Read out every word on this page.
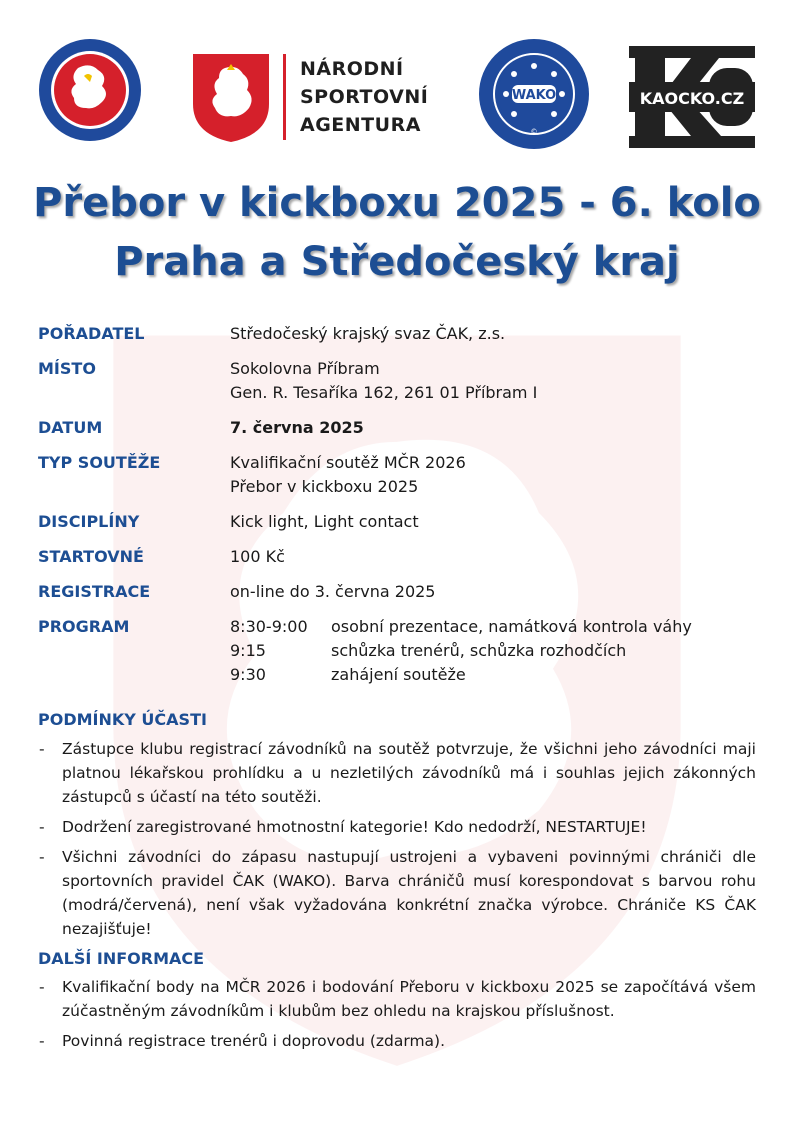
NÁRODNÍ
SPORTOVNÍ
AGENTURA
WAKO
©
KAOCKO.CZ
Přebor v kickboxu 2025 - 6. kolo
Praha a Středočeský kraj
POŘADATEL	Středočeský krajský svaz ČAK, z.s.
MÍSTO	Sokolovna Příbram
Gen. R. Tesaříka 162, 261 01 Příbram I
DATUM	7. června 2025
TYP SOUTĚŽE	Kvalifikační soutěž MČR 2026
Přebor v kickboxu 2025
DISCIPLÍNY	Kick light, Light contact
STARTOVNÉ	100 Kč
REGISTRACE	on-line do 3. června 2025
PROGRAM	8:30-9:00	osobní prezentace, namátková kontrola váhy
9:15	schůzka trenérů, schůzka rozhodčích
9:30	zahájení soutěže
PODMÍNKY ÚČASTI
- Zástupce klubu registrací závodníků na soutěž potvrzuje, že všichni jeho závodníci maji platnou lékařskou prohlídku a u nezletilých závodníků má i souhlas jejich zákonných zástupců s účastí na této soutěži.
- Dodržení zaregistrované hmotnostní kategorie! Kdo nedodrží, NESTARTUJE!
- Všichni závodníci do zápasu nastupují ustrojeni a vybaveni povinnými chrániči dle sportovních pravidel ČAK (WAKO). Barva chráničů musí korespondovat s barvou rohu (modrá/červená), není však vyžadována konkrétní značka výrobce. Chrániče KS ČAK nezajišťuje!
DALŠÍ INFORMACE
- Kvalifikační body na MČR 2026 i bodování Přeboru v kickboxu 2025 se započítává všem zúčastněným závodníkům i klubům bez ohledu na krajskou příslušnost.
- Povinná registrace trenérů i doprovodu (zdarma).
